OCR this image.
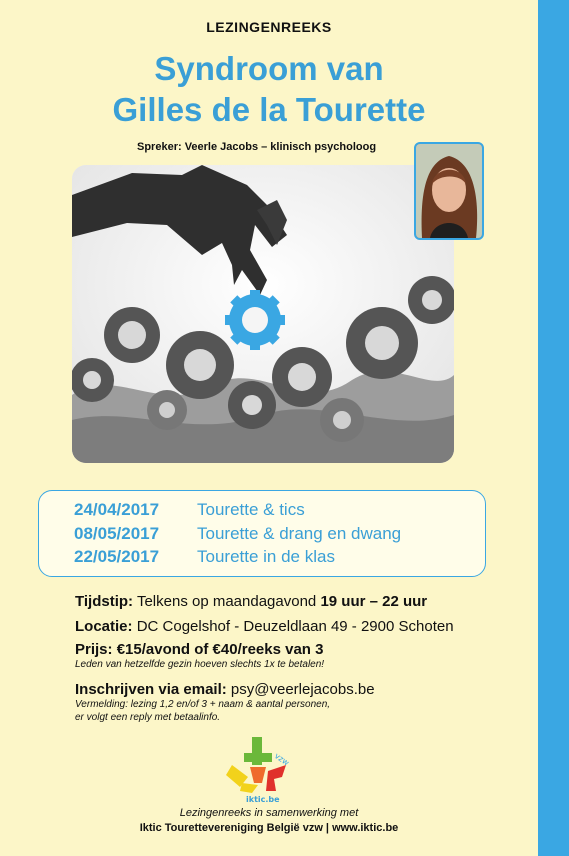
LEZINGENREEKS
Syndroom van
Gilles de la Tourette
Spreker: Veerle Jacobs – klinisch psycholoog
24/04/2017 Tourette & tics
08/05/2017 Tourette & drang en dwang
22/05/2017 Tourette in de klas
Tijdstip: Telkens op maandagavond 19 uur – 22 uur
Locatie: DC Cogelshof - Deuzeldlaan 49 - 2900 Schoten
Prijs: €15/avond of €40/reeks van 3
Leden van hetzelfde gezin hoeven slechts 1x te betalen!
Inschrijven via email: psy@veerlejacobs.be
Vermelding: lezing 1,2 en/of 3 + naam & aantal personen,
er volgt een reply met betaalinfo.
vzw
iktic.be
Lezingenreeks in samenwerking met
Iktic Tourettevereniging België vzw | www.iktic.be
